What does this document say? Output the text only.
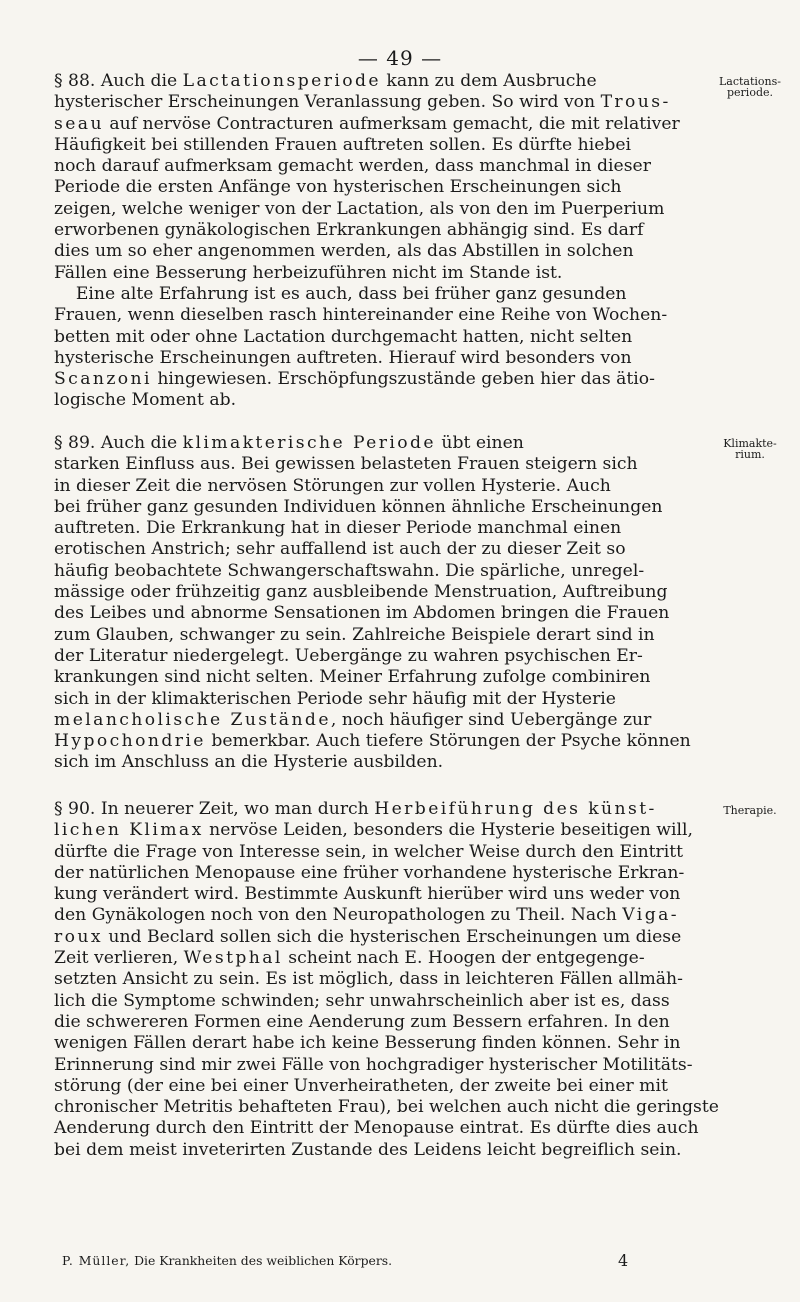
— 49 —
Lactations-
periode.
Klimakte-
rium.
Therapie.
§ 88. Auch die Lactationsperiode kann zu dem Ausbruche
hysterischer Erscheinungen Veranlassung geben. So wird von Trous-
seau auf nervöse Contracturen aufmerksam gemacht, die mit relativer
Häufigkeit bei stillenden Frauen auftreten sollen. Es dürfte hiebei
noch darauf aufmerksam gemacht werden, dass manchmal in dieser
Periode die ersten Anfänge von hysterischen Erscheinungen sich
zeigen, welche weniger von der Lactation, als von den im Puerperium
erworbenen gynäkologischen Erkrankungen abhängig sind. Es darf
dies um so eher angenommen werden, als das Abstillen in solchen
Fällen eine Besserung herbeizuführen nicht im Stande ist.
Eine alte Erfahrung ist es auch, dass bei früher ganz gesunden
Frauen, wenn dieselben rasch hintereinander eine Reihe von Wochen-
betten mit oder ohne Lactation durchgemacht hatten, nicht selten
hysterische Erscheinungen auftreten. Hierauf wird besonders von
Scanzoni hingewiesen. Erschöpfungszustände geben hier das ätio-
logische Moment ab.
§ 89. Auch die klimakterische Periode übt einen
starken Einfluss aus. Bei gewissen belasteten Frauen steigern sich
in dieser Zeit die nervösen Störungen zur vollen Hysterie. Auch
bei früher ganz gesunden Individuen können ähnliche Erscheinungen
auftreten. Die Erkrankung hat in dieser Periode manchmal einen
erotischen Anstrich; sehr auffallend ist auch der zu dieser Zeit so
häufig beobachtete Schwangerschaftswahn. Die spärliche, unregel-
mässige oder frühzeitig ganz ausbleibende Menstruation, Auftreibung
des Leibes und abnorme Sensationen im Abdomen bringen die Frauen
zum Glauben, schwanger zu sein. Zahlreiche Beispiele derart sind in
der Literatur niedergelegt. Uebergänge zu wahren psychischen Er-
krankungen sind nicht selten. Meiner Erfahrung zufolge combiniren
sich in der klimakterischen Periode sehr häufig mit der Hysterie
melancholische Zustände, noch häufiger sind Uebergänge zur
Hypochondrie bemerkbar. Auch tiefere Störungen der Psyche können
sich im Anschluss an die Hysterie ausbilden.
§ 90. In neuerer Zeit, wo man durch Herbeiführung des künst-
lichen Klimax nervöse Leiden, besonders die Hysterie beseitigen will,
dürfte die Frage von Interesse sein, in welcher Weise durch den Eintritt
der natürlichen Menopause eine früher vorhandene hysterische Erkran-
kung verändert wird. Bestimmte Auskunft hierüber wird uns weder von
den Gynäkologen noch von den Neuropathologen zu Theil. Nach Viga-
roux und Beclard sollen sich die hysterischen Erscheinungen um diese
Zeit verlieren, Westphal scheint nach E. Hoogen der entgegenge-
setzten Ansicht zu sein. Es ist möglich, dass in leichteren Fällen allmäh-
lich die Symptome schwinden; sehr unwahrscheinlich aber ist es, dass
die schwereren Formen eine Aenderung zum Bessern erfahren. In den
wenigen Fällen derart habe ich keine Besserung finden können. Sehr in
Erinnerung sind mir zwei Fälle von hochgradiger hysterischer Motilitäts-
störung (der eine bei einer Unverheiratheten, der zweite bei einer mit
chronischer Metritis behafteten Frau), bei welchen auch nicht die geringste
Aenderung durch den Eintritt der Menopause eintrat. Es dürfte dies auch
bei dem meist inveterirten Zustande des Leidens leicht begreiflich sein.
P. Müller, Die Krankheiten des weiblichen Körpers.	4
